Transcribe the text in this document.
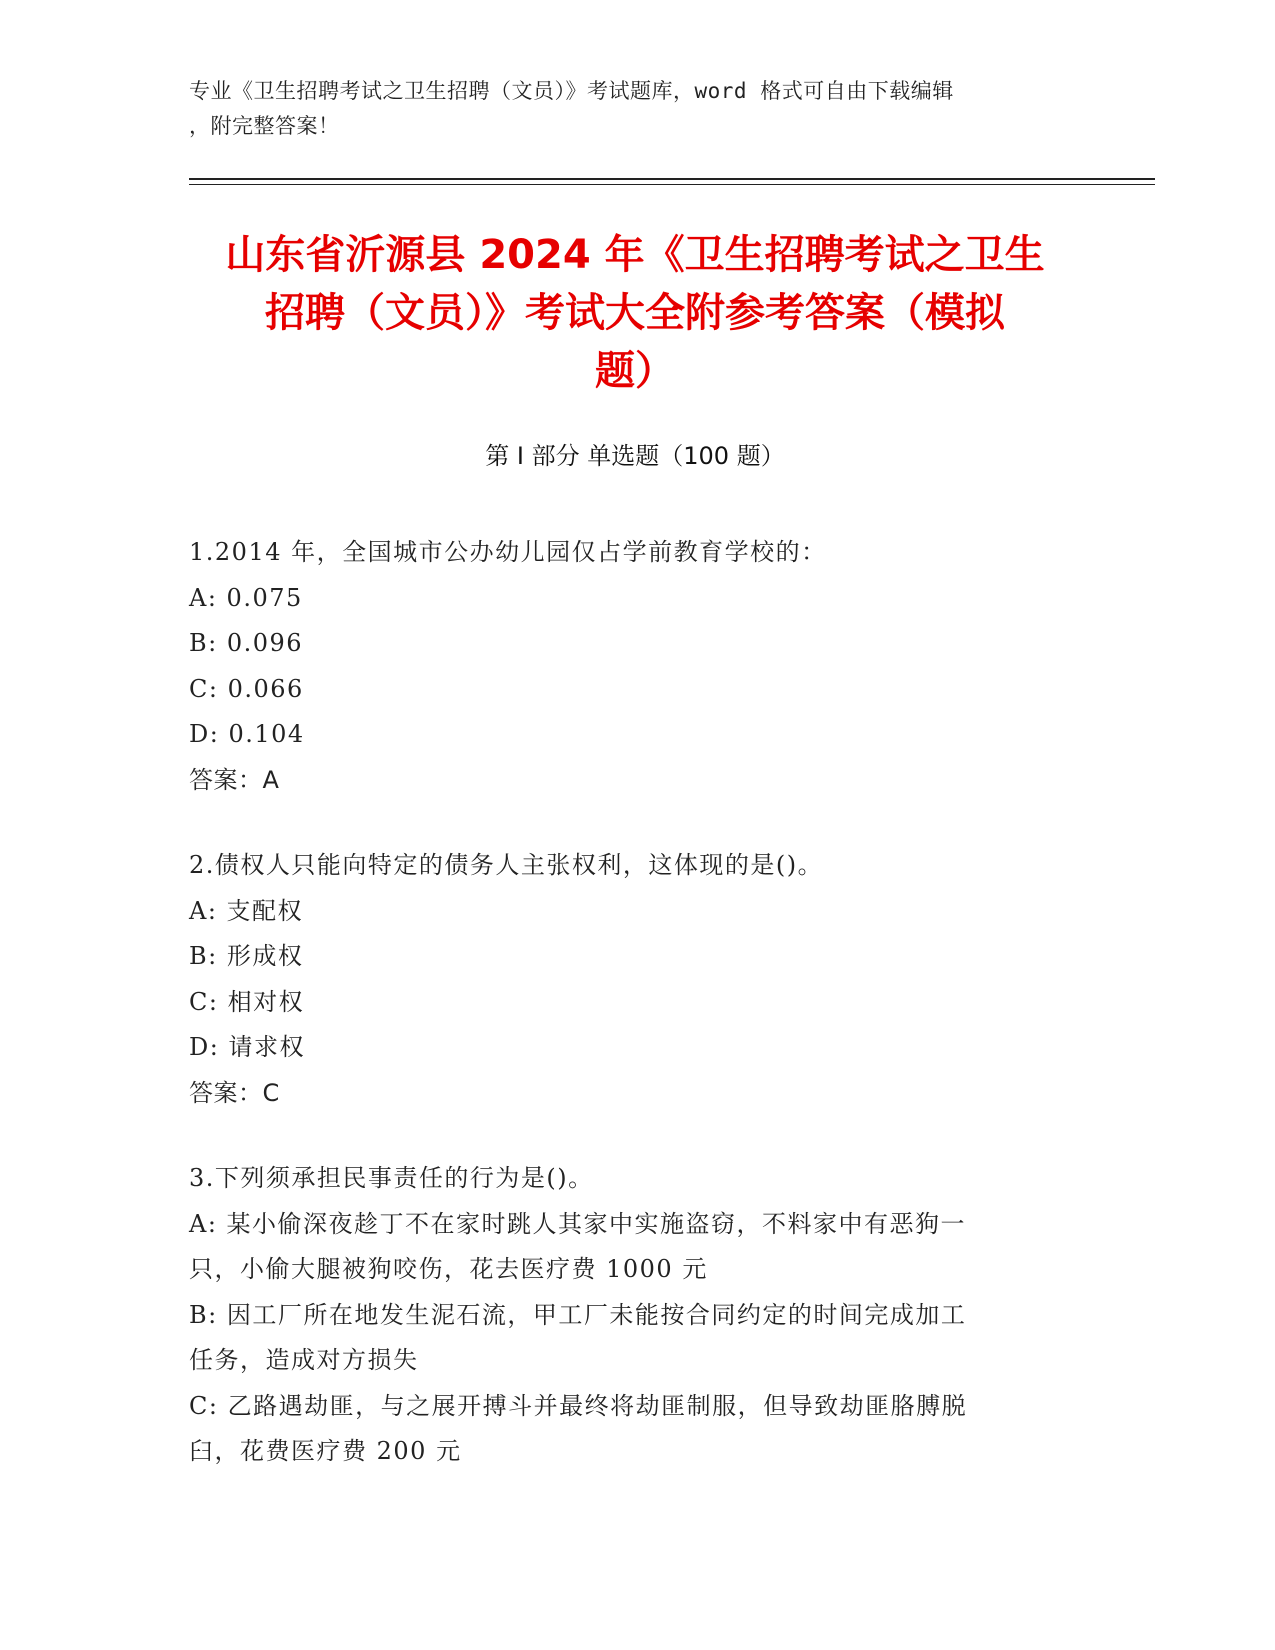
专业《卫生招聘考试之卫生招聘（文员）》考试题库，word 格式可自由下载编辑
，附完整答案！
山东省沂源县 2024 年《卫生招聘考试之卫生
招聘（文员）》考试大全附参考答案（模拟
题）
第 I 部分 单选题（100 题）
1.2014 年，全国城市公办幼儿园仅占学前教育学校的：
A: 0.075
B: 0.096
C: 0.066
D: 0.104
答案：A
2.债权人只能向特定的债务人主张权利，这体现的是()。
A: 支配权
B: 形成权
C: 相对权
D: 请求权
答案：C
3.下列须承担民事责任的行为是()。
A: 某小偷深夜趁丁不在家时跳人其家中实施盗窃，不料家中有恶狗一
只，小偷大腿被狗咬伤，花去医疗费 1000 元
B: 因工厂所在地发生泥石流，甲工厂未能按合同约定的时间完成加工
任务，造成对方损失
C: 乙路遇劫匪，与之展开搏斗并最终将劫匪制服，但导致劫匪胳膊脱
臼，花费医疗费 200 元
